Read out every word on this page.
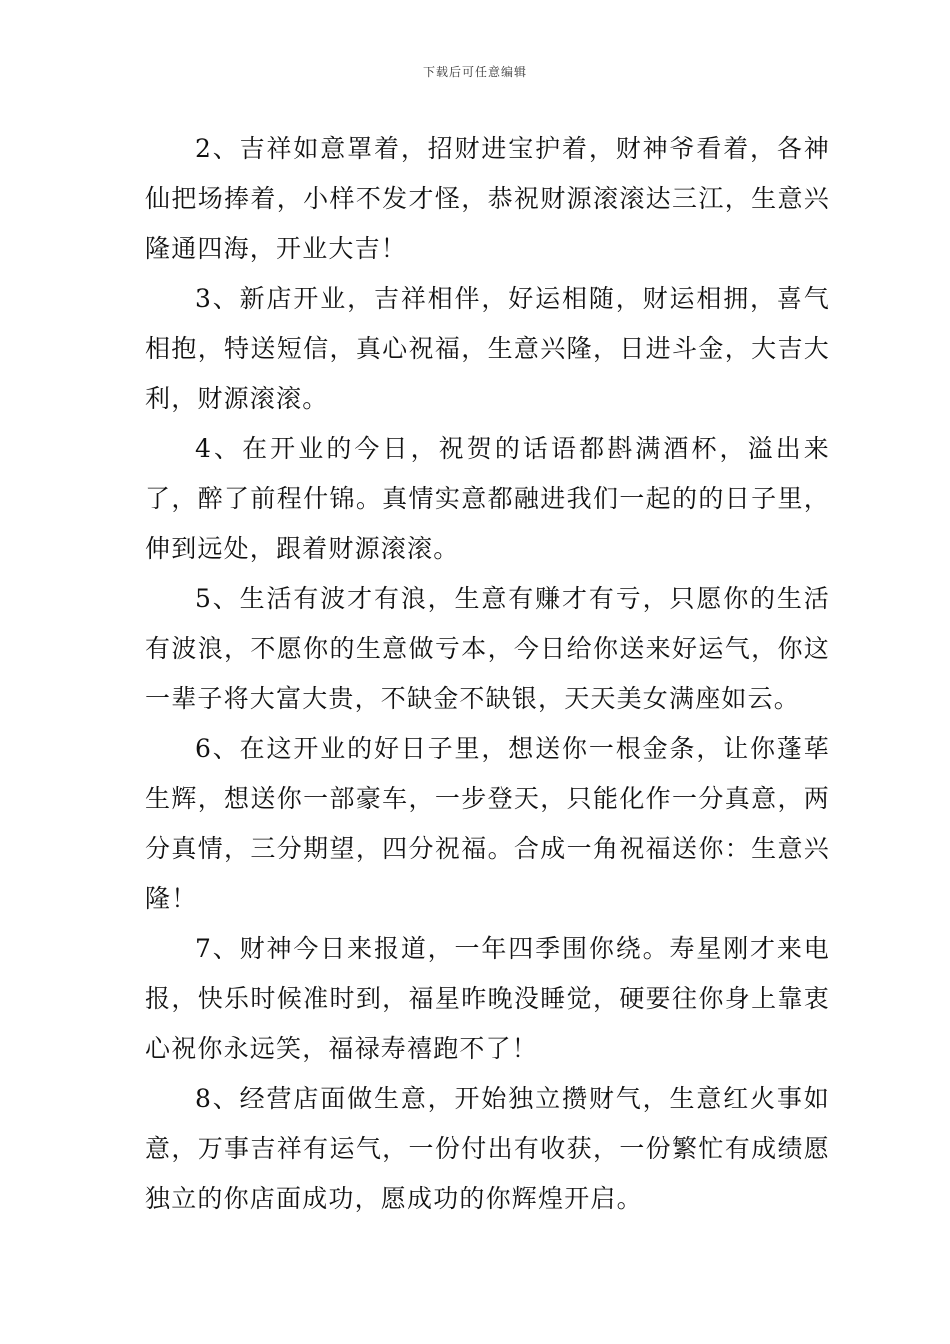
下载后可任意编辑

2、吉祥如意罩着，招财进宝护着，财神爷看着，各神仙把场捧着，小样不发才怪，恭祝财源滚滚达三江，生意兴隆通四海，开业大吉！

3、新店开业，吉祥相伴，好运相随，财运相拥，喜气相抱，特送短信，真心祝福，生意兴隆，日进斗金，大吉大利，财源滚滚。

4、在开业的今日，祝贺的话语都斟满酒杯，溢出来了，醉了前程什锦。真情实意都融进我们一起的的日子里，伸到远处，跟着财源滚滚。

5、生活有波才有浪，生意有赚才有亏，只愿你的生活有波浪，不愿你的生意做亏本，今日给你送来好运气，你这一辈子将大富大贵，不缺金不缺银，天天美女满座如云。

6、在这开业的好日子里，想送你一根金条，让你蓬荜生辉，想送你一部豪车，一步登天，只能化作一分真意，两分真情，三分期望，四分祝福。合成一角祝福送你：生意兴隆！

7、财神今日来报道，一年四季围你绕。寿星刚才来电报，快乐时候准时到，福星昨晚没睡觉，硬要往你身上靠衷心祝你永远笑，福禄寿禧跑不了！

8、经营店面做生意，开始独立攒财气，生意红火事如意，万事吉祥有运气，一份付出有收获，一份繁忙有成绩愿独立的你店面成功，愿成功的你辉煌开启。
